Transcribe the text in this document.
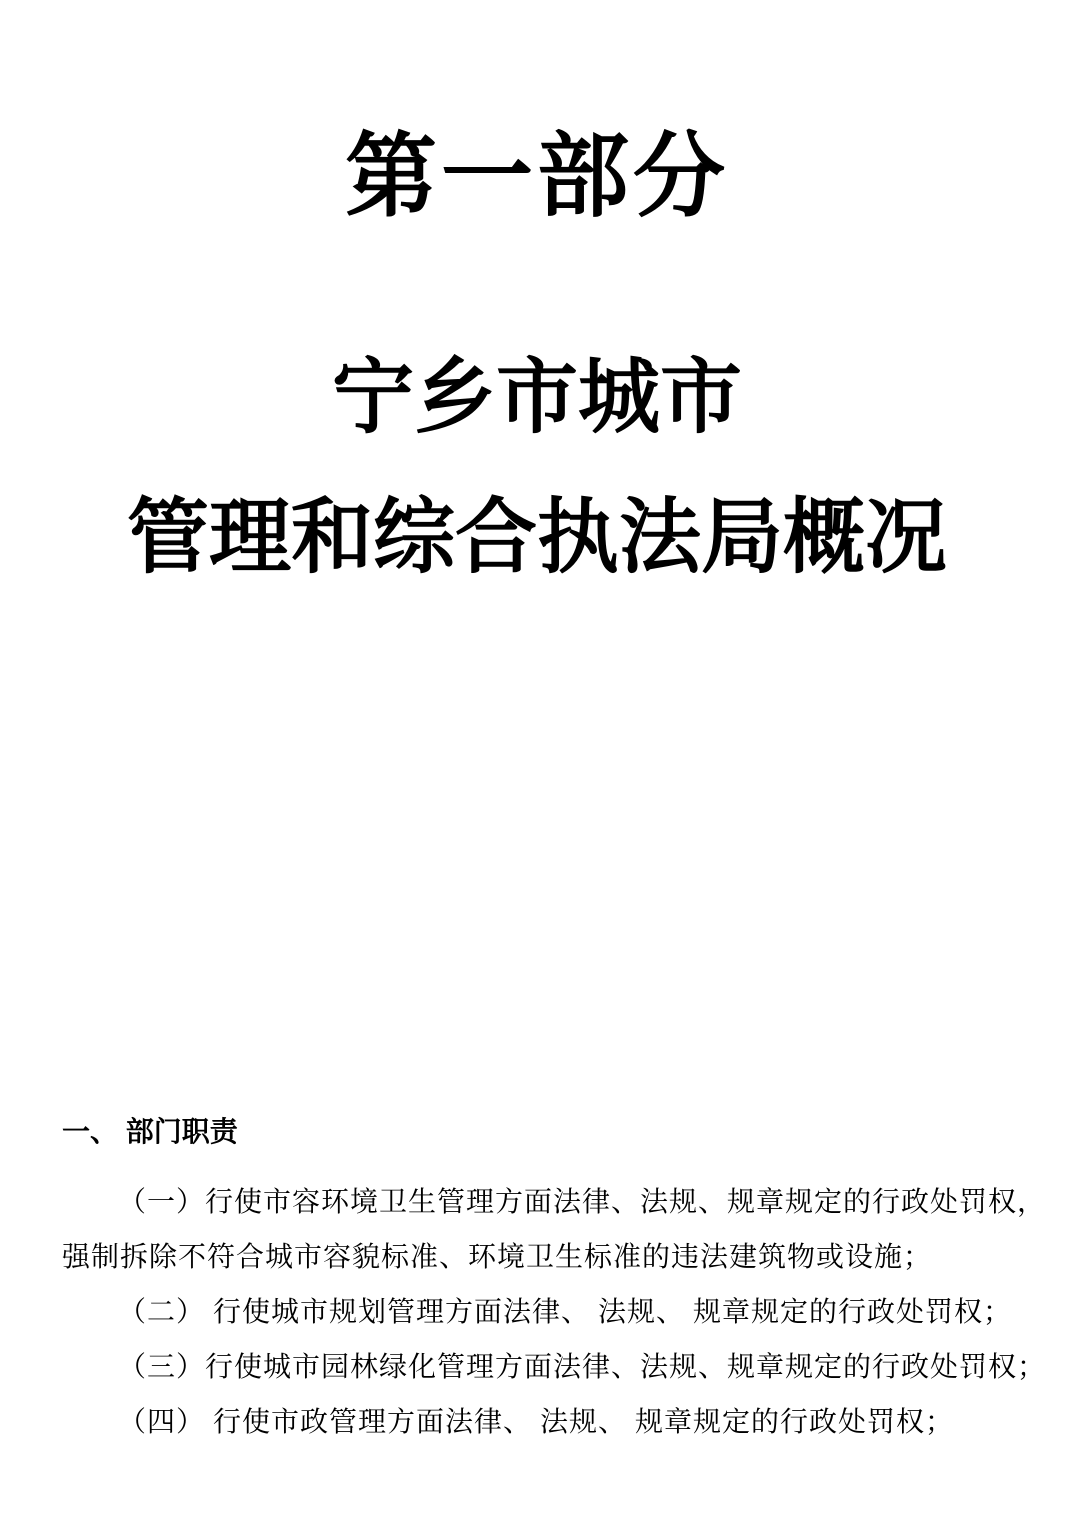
第一部分
宁乡市城市
管理和综合执法局概况
一、 部门职责
（一）行使市容环境卫生管理方面法律、法规、规章规定的行政处罚权，
强制拆除不符合城市容貌标准、环境卫生标准的违法建筑物或设施；
（二） 行使城市规划管理方面法律、 法规、 规章规定的行政处罚权；
（三）行使城市园林绿化管理方面法律、法规、规章规定的行政处罚权；
（四） 行使市政管理方面法律、 法规、 规章规定的行政处罚权；
